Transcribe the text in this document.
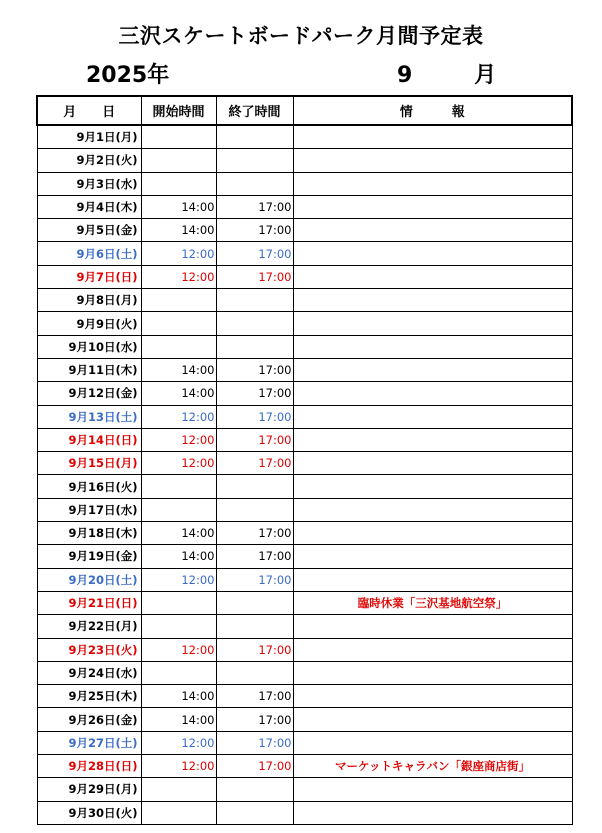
三沢スケートボードパーク月間予定表
2025年	9　月
月　　日	開始時間	終了時間	情　　　報
9月1日(月)			
9月2日(火)			
9月3日(水)			
9月4日(木)	14:00	17:00	
9月5日(金)	14:00	17:00	
9月6日(土)	12:00	17:00	
9月7日(日)	12:00	17:00	
9月8日(月)			
9月9日(火)			
9月10日(水)			
9月11日(木)	14:00	17:00	
9月12日(金)	14:00	17:00	
9月13日(土)	12:00	17:00	
9月14日(日)	12:00	17:00	
9月15日(月)	12:00	17:00	
9月16日(火)			
9月17日(水)			
9月18日(木)	14:00	17:00	
9月19日(金)	14:00	17:00	
9月20日(土)	12:00	17:00	
9月21日(日)			臨時休業「三沢基地航空祭」
9月22日(月)			
9月23日(火)	12:00	17:00	
9月24日(水)			
9月25日(木)	14:00	17:00	
9月26日(金)	14:00	17:00	
9月27日(土)	12:00	17:00	
9月28日(日)	12:00	17:00	マーケットキャラバン「銀座商店街」
9月29日(月)			
9月30日(火)			
